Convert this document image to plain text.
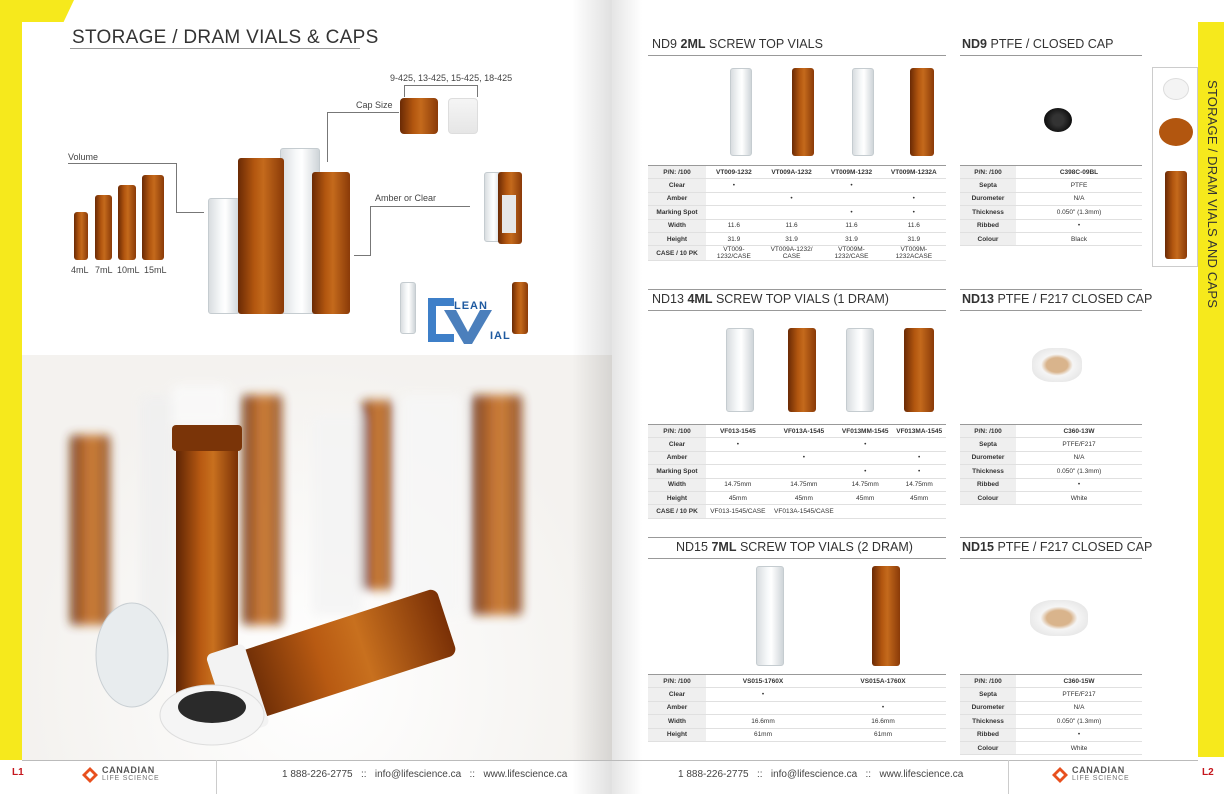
STORAGE / DRAM VIALS & CAPS
9-425, 13-425, 15-425, 18-425
Cap Size
Volume
4mL 7mL 10mL 15mL
Amber or Clear
LEAN
IAL
L1	CANADIAN
LIFE SCIENCE	1 888-226-2775 :: info@lifescience.ca :: www.lifescience.ca
STORAGE / DRAM VIALS AND CAPS
ND9 2ML SCREW TOP VIALS
P/N: /100	VT009-1232	VT009A-1232	VT009M-1232	VT009M-1232A
Clear	•		•	
Amber		•		•
Marking Spot			•	•
Width	11.6	11.6	11.6	11.6
Height	31.9	31.9	31.9	31.9
CASE / 10 PK	VT009-1232/CASE	VT009A-1232/ CASE	VT009M-1232/CASE	VT009M- 1232ACASE
ND9 PTFE / CLOSED CAP
P/N: /100	C398C-09BL
Septa	PTFE
Durometer	N/A
Thickness	0.050" (1.3mm)
Ribbed	•
Colour	Black
ND13 4ML SCREW TOP VIALS (1 DRAM)
P/N: /100	VF013-1545	VF013A-1545	VF013MM-1545	VF013MA-1545
Clear	•		•	
Amber		•		•
Marking Spot			•	•
Width	14.75mm	14.75mm	14.75mm	14.75mm
Height	45mm	45mm	45mm	45mm
CASE / 10 PK	VF013-1545/CASE	VF013A-1545/CASE		
ND13 PTFE / F217 CLOSED CAP
P/N: /100	C360-13W
Septa	PTFE/F217
Durometer	N/A
Thickness	0.050" (1.3mm)
Ribbed	•
Colour	White
ND15 7ML SCREW TOP VIALS (2 DRAM)
P/N: /100	VS015-1760X	VS015A-1760X
Clear	•	
Amber		•
Width	16.6mm	16.6mm
Height	61mm	61mm
ND15 PTFE / F217 CLOSED CAP
P/N: /100	C360-15W
Septa	PTFE/F217
Durometer	N/A
Thickness	0.050" (1.3mm)
Ribbed	•
Colour	White
1 888-226-2775 :: info@lifescience.ca :: www.lifescience.ca	CANADIAN
LIFE SCIENCE
L2
